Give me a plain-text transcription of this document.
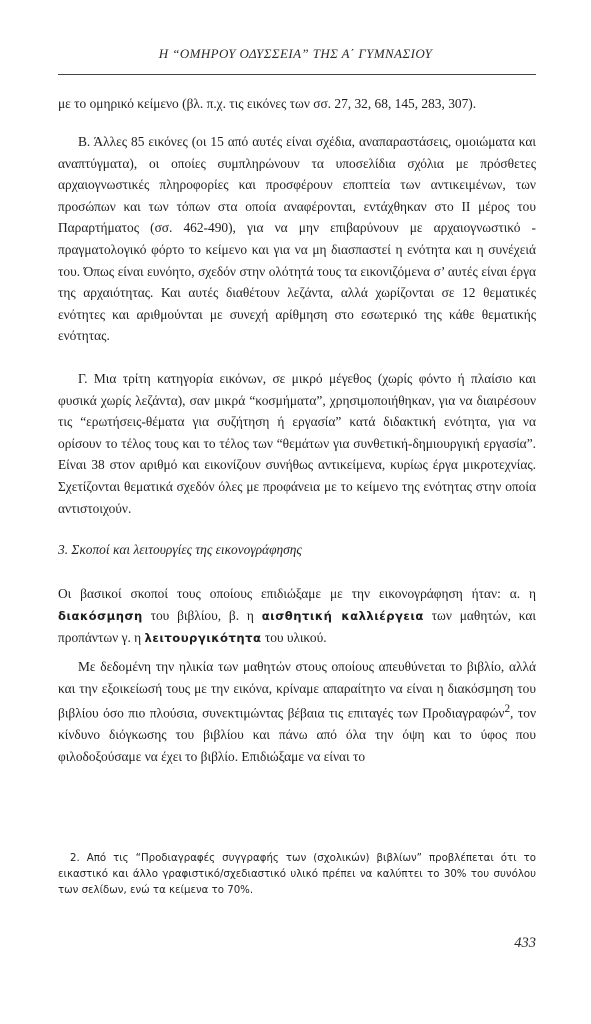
Η “ΟΜΗΡΟΥ ΟΔΥΣΣΕΙΑ” ΤΗΣ Α΄ ΓΥΜΝΑΣΙΟΥ

με το ομηρικό κείμενο (βλ. π.χ. τις εικόνες των σσ. 27, 32, 68, 145, 283, 307).

Β. Άλλες 85 εικόνες (οι 15 από αυτές είναι σχέδια, αναπαραστάσεις, ομοιώματα και αναπτύγματα), οι οποίες συμπληρώνουν τα υποσελίδια σχόλια με πρόσθετες αρχαιογνωστικές πληροφορίες και προσφέρουν εποπτεία των αντικειμένων, των προσώπων και των τόπων στα οποία αναφέρονται, εντάχθηκαν στο ΙΙ μέρος του Παραρτήματος (σσ. 462-490), για να μην επιβαρύνουν με αρχαιογνωστικό - πραγματολογικό φόρτο το κείμενο και για να μη διασπαστεί η ενότητα και η συνέχειά του. Όπως είναι ευνόητο, σχεδόν στην ολότητά τους τα εικονιζόμενα σ’ αυτές είναι έργα της αρχαιότητας. Και αυτές διαθέτουν λεζάντα, αλλά χωρίζονται σε 12 θεματικές ενότητες και αριθμούνται με συνεχή αρίθμηση στο εσωτερικό της κάθε θεματικής ενότητας.

Γ. Μια τρίτη κατηγορία εικόνων, σε μικρό μέγεθος (χωρίς φόντο ή πλαίσιο και φυσικά χωρίς λεζάντα), σαν μικρά “κοσμήματα”, χρησιμοποιήθηκαν, για να διαιρέσουν τις “ερωτήσεις-θέματα για συζήτηση ή εργασία” κατά διδακτική ενότητα, για να ορίσουν το τέλος τους και το τέλος των “θεμάτων για συνθετική-δημιουργική εργασία”. Είναι 38 στον αριθμό και εικονίζουν συνήθως αντικείμενα, κυρίως έργα μικροτεχνίας. Σχετίζονται θεματικά σχεδόν όλες με προφάνεια με το κείμενο της ενότητας στην οποία αντιστοιχούν.

3. Σκοποί και λειτουργίες της εικονογράφησης

Οι βασικοί σκοποί τους οποίους επιδιώξαμε με την εικονογράφηση ήταν: α. η διακόσμηση του βιβλίου, β. η αισθητική καλλιέργεια των μαθητών, και προπάντων γ. η λειτουργικότητα του υλικού.

Με δεδομένη την ηλικία των μαθητών στους οποίους απευθύνεται το βιβλίο, αλλά και την εξοικείωσή τους με την εικόνα, κρίναμε απαραίτητο να είναι η διακόσμηση του βιβλίου όσο πιο πλούσια, συνεκτιμώντας βέβαια τις επιταγές των Προδιαγραφών$^2$, τον κίνδυνο διόγκωσης του βιβλίου και πάνω από όλα την όψη και το ύφος που φιλοδοξούσαμε να έχει το βιβλίο. Επιδιώξαμε να είναι το

2. Από τις “Προδιαγραφές συγγραφής των (σχολικών) βιβλίων” προβλέπεται ότι το εικαστικό και άλλο γραφιστικό/σχεδιαστικό υλικό πρέπει να καλύπτει το 30% του συνόλου των σελίδων, ενώ τα κείμενα το 70%.

433
